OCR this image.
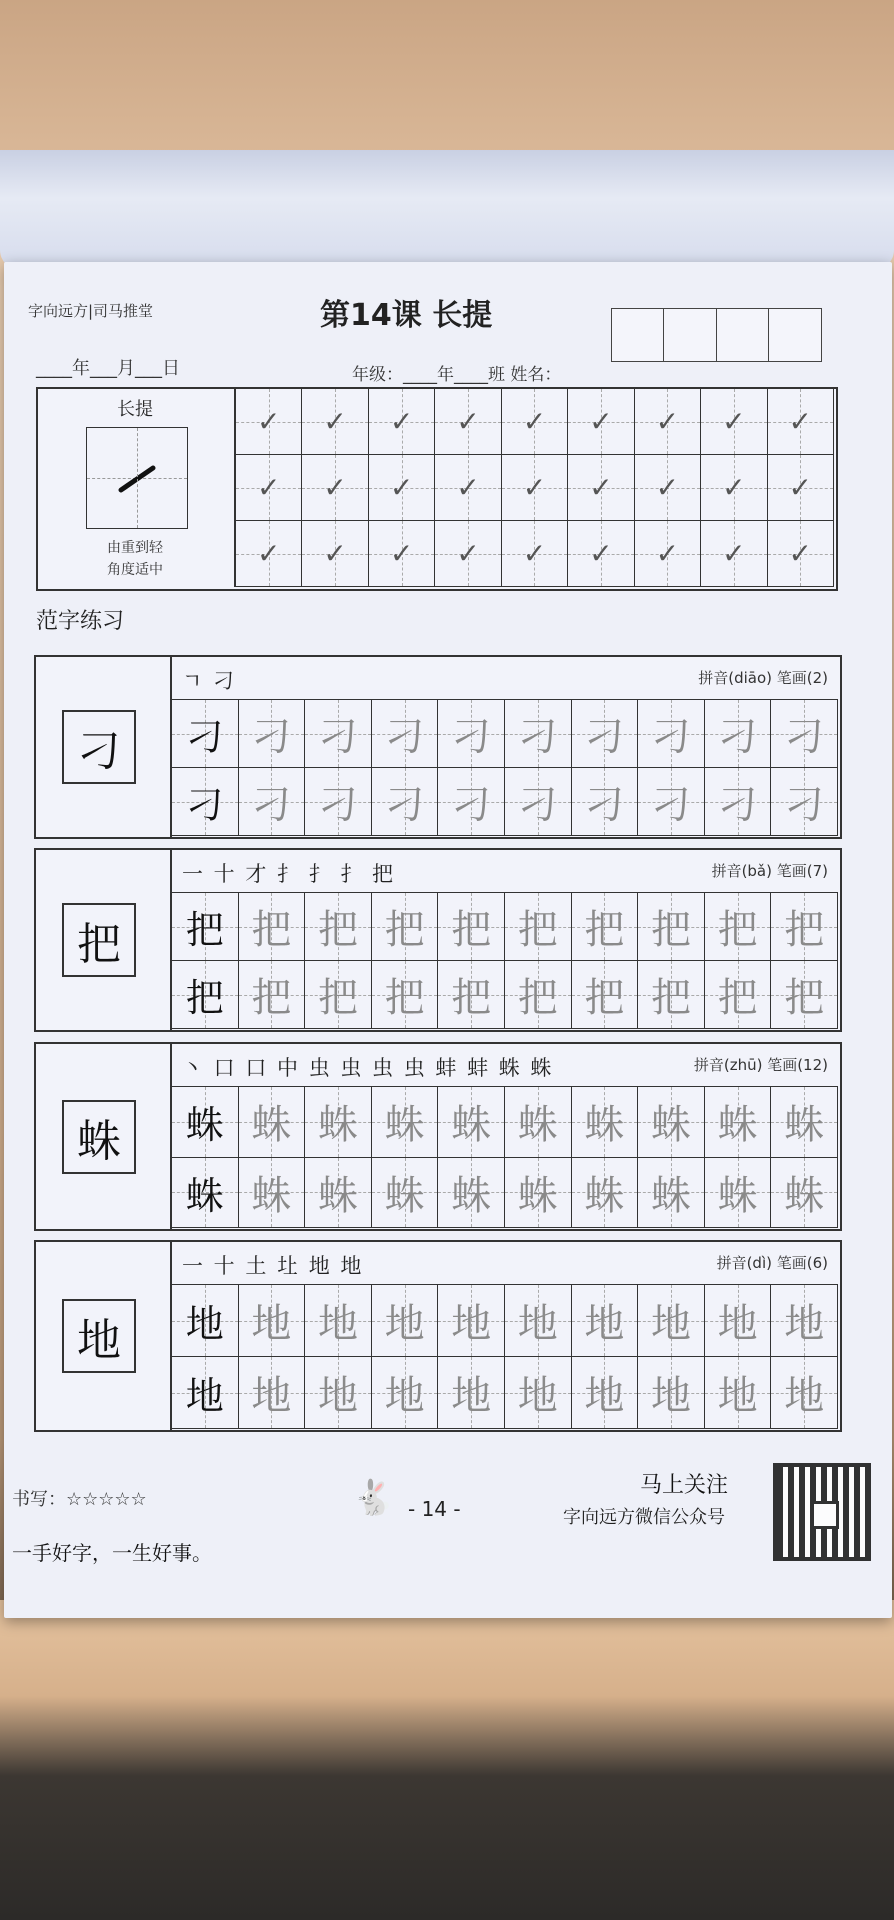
字向远方|司马推堂	第14课 长提
____年___月___日	年级：____年____班 姓名：
长提
由重到轻
角度适中
✓ ✓ ✓ ✓ ✓ ✓ ✓ ✓ ✓
✓ ✓ ✓ ✓ ✓ ✓ ✓ ✓ ✓
✓ ✓ ✓ ✓ ✓ ✓ ✓ ✓ ✓
范字练习
刁
ㄱ 刁	拼音(diāo) 笔画(2)
刁 刁 刁 刁 刁 刁 刁 刁 刁 刁
刁 刁 刁 刁 刁 刁 刁 刁 刁 刁
把
一 十 才 扌 扌 扌 把	拼音(bǎ) 笔画(7)
把 把 把 把 把 把 把 把 把 把
把 把 把 把 把 把 把 把 把 把
蛛
丶 口 口 中 虫 虫 虫 虫 蚌 蚌 蛛 蛛	拼音(zhū) 笔画(12)
蛛 蛛 蛛 蛛 蛛 蛛 蛛 蛛 蛛 蛛
蛛 蛛 蛛 蛛 蛛 蛛 蛛 蛛 蛛 蛛
地
一 十 土 圵 地 地	拼音(dì) 笔画(6)
地 地 地 地 地 地 地 地 地 地
地 地 地 地 地 地 地 地 地 地
书写：☆☆☆☆☆
一手好字，一生好事。
🐇 - 14 -
马上关注
字向远方微信公众号
